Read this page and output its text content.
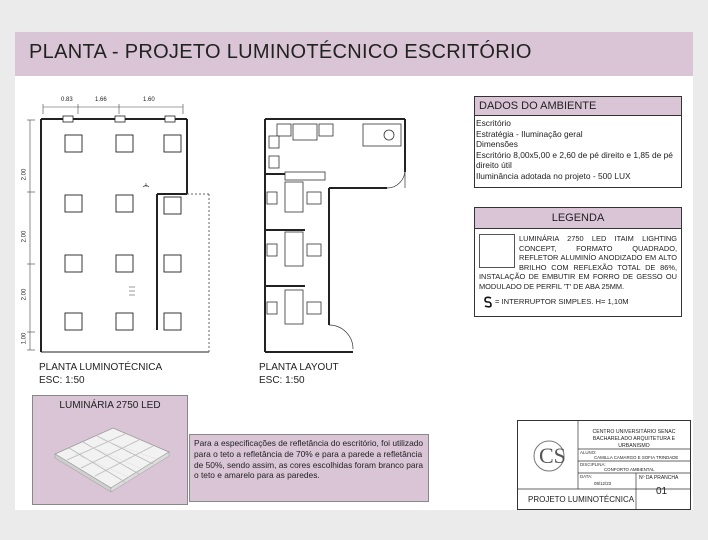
PLANTA - PROJETO LUMINOTÉCNICO ESCRITÓRIO
0.83	1.66	1.60
2.00
2.00
2.00
1.00
PLANTA LUMINOTÉCNICA
ESC: 1:50
PLANTA LAYOUT
ESC: 1:50
DADOS DO AMBIENTE
Escritório
Estratégia - Iluminação geral
Dimensões
Escritório 8,00x5,00 e 2,60 de pé direito e 1,85 de pé direito útil
Iluminância adotada no projeto - 500 LUX
LEGENDA
LUMINÁRIA 2750 LED ITAIM LIGHTING CONCEPT, FORMATO QUADRADO, REFLETOR ALUMINÍO ANODIZADO EM ALTO BRILHO COM REFLEXÃO TOTAL DE 86%, INSTALAÇÃO DE EMBUTIR EM FORRO DE GESSO OU MODULADO DE PERFIL 'T' DE ABA 25MM.
= INTERRUPTOR SIMPLES. H= 1,10M
LUMINÁRIA 2750 LED
Para a especificações de refletância do escritório, foi utilizado para o teto a refletância de 70% e para a parede a refletância de 50%, sendo assim, as cores escolhidas foram branco para o teto e amarelo para as paredes.
CS
CENTRO UNIVERSITÁRIO SENAC BACHARELADO ARQUITETURA E URBANISMO
ALUNO:
CAMILLA CAMARGO E SOFIA TRINDADE
DISCIPLINA:
CONFORTO AMBIENTAL
DATA:
08/12/23
Nº DA PRANCHA
01
PROJETO LUMINOTÉCNICA
